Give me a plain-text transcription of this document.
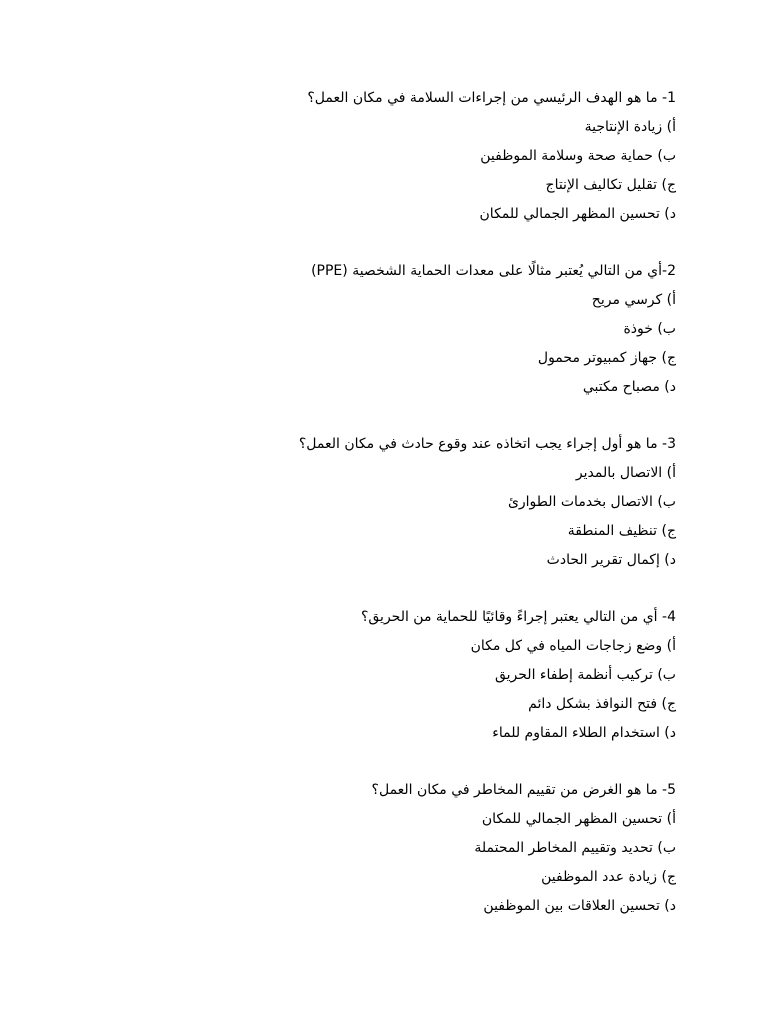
1- ما هو الهدف الرئيسي من إجراءات السلامة في مكان العمل؟
أ) زيادة الإنتاجية
ب) حماية صحة وسلامة الموظفين
ج) تقليل تكاليف الإنتاج
د) تحسين المظهر الجمالي للمكان
2-أي من التالي يُعتبر مثالًا على معدات الحماية الشخصية (PPE)
أ) كرسي مريح
ب) خوذة
ج) جهاز كمبيوتر محمول
د) مصباح مكتبي
3- ما هو أول إجراء يجب اتخاذه عند وقوع حادث في مكان العمل؟
أ) الاتصال بالمدير
ب) الاتصال بخدمات الطوارئ
ج) تنظيف المنطقة
د) إكمال تقرير الحادث
4- أي من التالي يعتبر إجراءً وقائيًا للحماية من الحريق؟
أ) وضع زجاجات المياه في كل مكان
ب) تركيب أنظمة إطفاء الحريق
ج) فتح النوافذ بشكل دائم
د) استخدام الطلاء المقاوم للماء
5- ما هو الغرض من تقييم المخاطر في مكان العمل؟
أ) تحسين المظهر الجمالي للمكان
ب) تحديد وتقييم المخاطر المحتملة
ج) زيادة عدد الموظفين
د) تحسين العلاقات بين الموظفين
